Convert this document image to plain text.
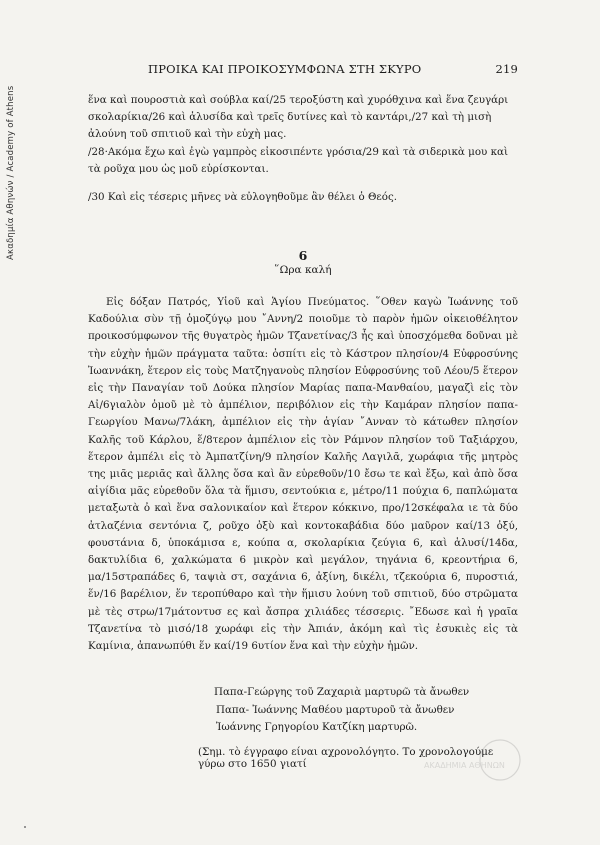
Ακαδημία Αθηνών / Academy of Athens
ΠΡΟΙΚΑ ΚΑΙ ΠΡΟΙΚΟΣΥΜΦΩΝΑ ΣΤΗ ΣΚΥΡΟ	219

ἕνα καὶ πουροστιὰ καὶ σούβλα καί/25 τεροξύστη καὶ χυρόθχινα καὶ ἕνα ζευγάρι σκολαρίκια/26 καὶ ἁλυσίδα καὶ τρεῖς δυτίνες καὶ τὸ καντάρι,/27 καὶ τὴ μισὴ ἀλούνη τοῦ σπιτιοῦ καὶ τὴν εὐχὴ μας.

/28·Ακόμα ἔχω καὶ ἐγὼ γαμπρὸς εἰκοσιπέντε γρόσια/29 καὶ τὰ σιδερικὰ μου καὶ τὰ ροῦχα μου ὡς μοῦ εὑρίσκονται.

/30 Καὶ εἰς τέσερις μῆνες νὰ εὐλογηθοῦμε ἂν θέλει ὁ Θεός.

6
῞Ωρα καλή

Εἰς δόξαν Πατρός, Υἱοῦ καὶ Ἁγίου Πνεύματος. ῞Οθεν καγὼ Ἰωάννης τοῦ Καδούλια σὺν τῇ ὁμοζύγῳ μου ῎Αννη/2 ποιοῦμε τὸ παρὸν ἡμῶν οἰκειοθέλητον προικοσύμφωνον τῆς θυγατρὸς ἡμῶν Τζανετίνας/3 ἧς καὶ ὑποσχόμεθα δοῦναι μὲ τὴν εὐχὴν ἡμῶν πράγματα ταῦτα: ὀσπίτι εἰς τὸ Κάστρον πλησίον/4 Εὐφροσύνης Ἰωαννάκη, ἕτερον εἰς τοὺς Ματζηγανοὺς πλησίον Εὐφροσύνης τοῦ Λέου/5 ἕτερον εἰς τὴν Παναγίαν τοῦ Δούκα πλησίον Μαρίας παπα-Μανθαίου, μαγαζὶ εἰς τὸν Αἰ/6γιαλὸν ὁμοῦ μὲ τὸ ἀμπέλιον, περιβόλιον εἰς τὴν Καμάραν πλησίον παπα-Γεωργίου Μανω/7λάκη, ἀμπέλιον εἰς τὴν ἁγίαν ῎Ανναν τὸ κάτωθεν πλησίον Καλῆς τοῦ Κάρλου, ἕ/8τερον ἀμπέλιον εἰς τὸν Ράμνον πλησίον τοῦ Ταξιάρχου, ἕτερον ἀμπέλι εἰς τὸ Ἀμπατζίνη/9 πλησίον Καλῆς Λαγιλᾶ, χωράφια τῆς μητρὸς της μιᾶς μεριᾶς καὶ ἄλλης ὅσα καὶ ἂν εὑρεθοῦν/10 ἔσω τε καὶ ἔξω, καὶ ἀπὸ ὅσα αἰγίδια μᾶς εὑρεθοῦν ὅλα τὰ ἥμισυ, σεντούκια ε, μέτρο/11 πούχια 6, παπλώματα μεταξωτὰ ὀ καὶ ἕνα σαλονικαίον καὶ ἕτερον κόκκινο, προ/12σκέφαλα ιε τὰ δύο ἀτλαζένια σεντόνια ζ, ροῦχο ὀξὺ καὶ κοντοκαβάδια δύο μαῦρον καί/13 ὀξύ, φουστάνια δ, ὑποκάμισα ε, κούπα α, σκολαρίκια ζεύγια 6, καὶ ἁλυσί/14δα, δακτυλίδια 6, χαλκώματα 6 μικρὸν καὶ μεγάλον, τηγάνια 6, κρεοντήρια 6, μα/15στραπάδες 6, ταψιὰ στ, σαχάνια 6, ἀξίνη, δικέλι, τζεκούρια 6, πυροστιά, ἕν/16 βαρέλιον, ἕν τεροπύθαρο καὶ τὴν ἥμισυ λούνη τοῦ σπιτιοῦ, δύο στρῶματα μὲ τὲς στρω/17μάτοντυσ ες καὶ ἄσπρα χιλιάδες τέσσερις. ῎Εδωσε καὶ ἡ γραῖα Τζανετίνα τὸ μισό/18 χωράφι εἰς τὴν Ἀπιάν, ἀκόμη καὶ τὶς ἐσυκιὲς εἰς τὰ Καμίνια, ἀπανωπύθι ἕν καί/19 6υτίον ἕνα καὶ τὴν εὐχὴν ἡμῶν.

Παπα-Γεώργης τοῦ Ζαχαριὰ μαρτυρῶ τὰ ἄνωθεν
Παπα- Ἰωάννης Μαθέου μαρτυροῦ τὰ ἄνωθεν
Ἰωάννης Γρηγορίου Κατζίκη μαρτυρῶ.
(Σημ. τὸ έγγραφο είναι αχρονολόγητο. Το χρονολογούμε γύρω στο 1650 γιατί	ΑΚΑΔΗΜΙΑ ΑΘΗΝΩΝ
